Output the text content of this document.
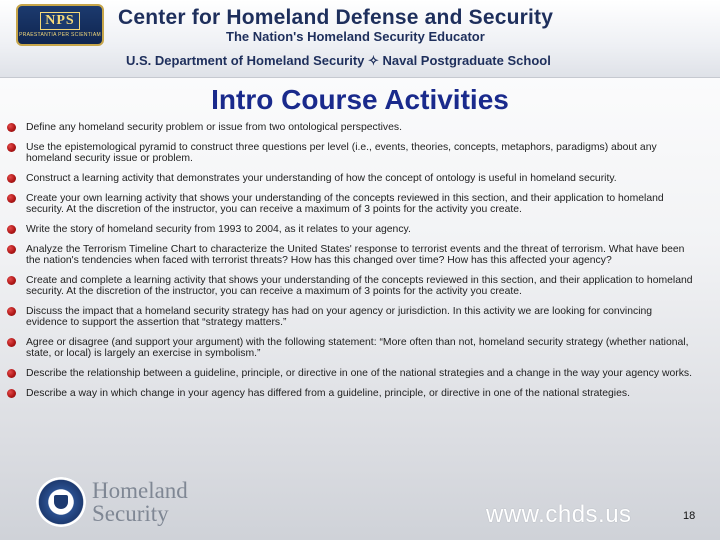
NPS
PRAESTANTIA PER SCIENTIAM
Center for Homeland Defense and Security
The Nation's Homeland Security Educator
U.S. Department of Homeland Security ✧ Naval Postgraduate School
Intro Course Activities
Define any homeland security problem or issue from two ontological perspectives.
Use the epistemological pyramid to construct three questions per level (i.e., events, theories, concepts, metaphors, paradigms) about any homeland security issue or problem.
Construct a learning activity that demonstrates your understanding of how the concept of ontology is useful in homeland security.
Create your own learning activity that shows your understanding of the concepts reviewed in this section, and their application to homeland security. At the discretion of the instructor, you can receive a maximum of 3 points for the activity you create.
Write the story of homeland security from 1993 to 2004, as it relates to your agency.
Analyze the Terrorism Timeline Chart to characterize the United States' response to terrorist events and the threat of terrorism. What have been the nation's tendencies when faced with terrorist threats? How has this changed over time? How has this affected your agency?
Create and complete a learning activity that shows your understanding of the concepts reviewed in this section, and their application to homeland security. At the discretion of the instructor, you can receive a maximum of 3 points for the activity you create.
Discuss the impact that a homeland security strategy has had on your agency or jurisdiction. In this activity we are looking for convincing evidence to support the assertion that “strategy matters.”
Agree or disagree (and support your argument) with the following statement: “More often than not, homeland security strategy (whether national, state, or local) is largely an exercise in symbolism.”
Describe the relationship between a guideline, principle, or directive in one of the national strategies and a change in the way your agency works.
Describe a way in which change in your agency has differed from a guideline, principle, or directive in one of the national strategies.
Homeland
Security	www.chds.us	18
